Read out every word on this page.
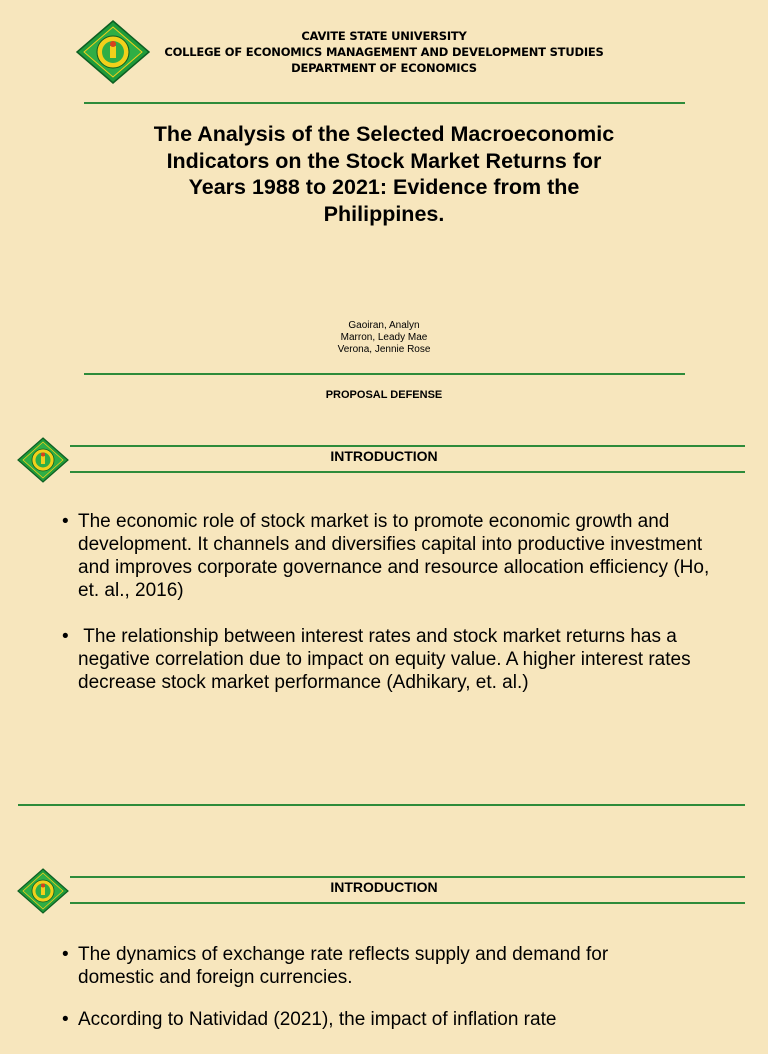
CAVITE STATE UNIVERSITY
COLLEGE OF ECONOMICS MANAGEMENT AND DEVELOPMENT STUDIES
DEPARTMENT OF ECONOMICS
The Analysis of the Selected Macroeconomic
Indicators on the Stock Market Returns for
Years 1988 to 2021: Evidence from the
Philippines.
Gaoiran, Analyn
Marron, Leady Mae
Verona, Jennie Rose
PROPOSAL DEFENSE
INTRODUCTION
• The economic role of stock market is to promote economic growth and development. It channels and diversifies capital into productive investment and improves corporate governance and resource allocation efficiency (Ho, et. al., 2016)
•  The relationship between interest rates and stock market returns has a negative correlation due to impact on equity value. A higher interest rates decrease stock market performance (Adhikary, et. al.)
INTRODUCTION
• The dynamics of exchange rate reflects supply and demand for domestic and foreign currencies.
• According to Natividad (2021), the impact of inflation rate
